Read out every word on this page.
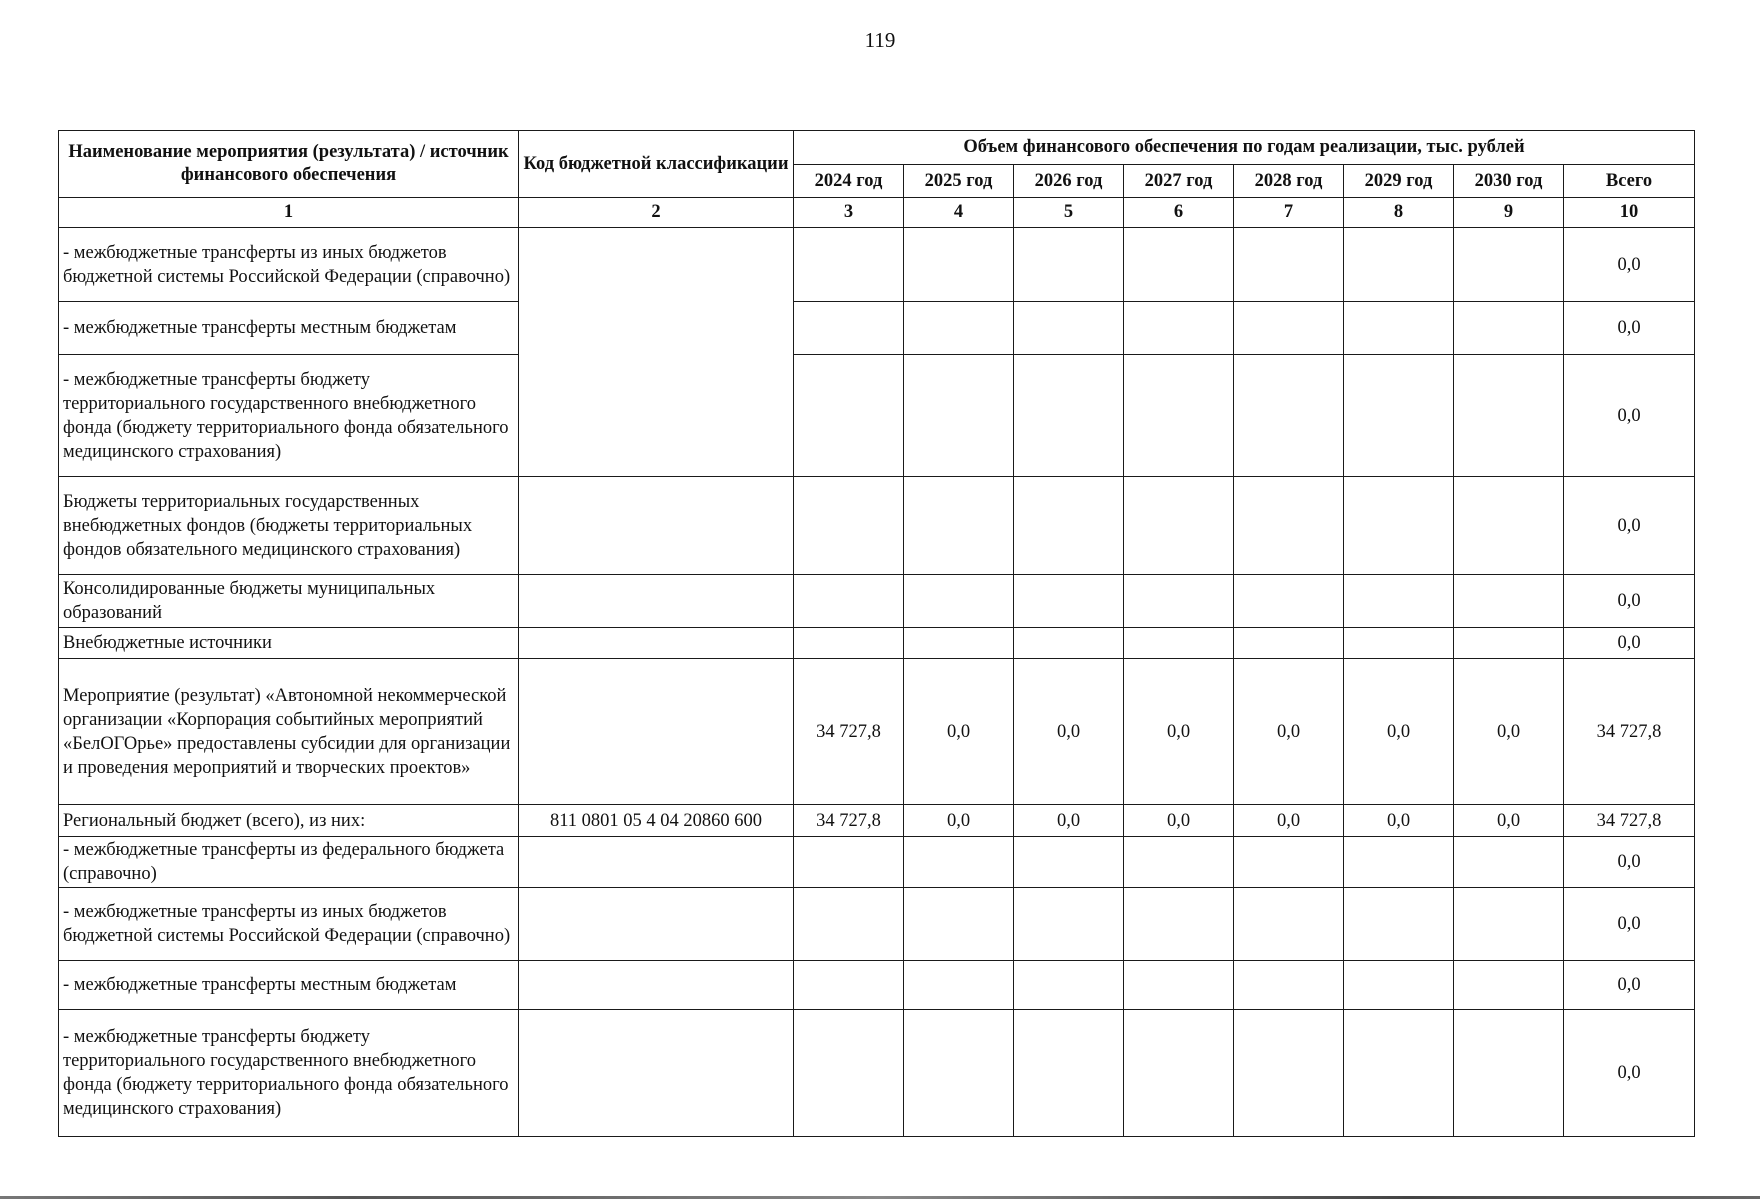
119
Наименование мероприятия (результата) / источник финансового обеспечения	Код бюджетной классификации	Объем финансового обеспечения по годам реализации, тыс. рублей							
		2024 год	2025 год	2026 год	2027 год	2028 год	2029 год	2030 год	Всего
1	2	3	4	5	6	7	8	9	10
- межбюджетные трансферты из иных бюджетов бюджетной системы Российской Федерации (справочно)									0,0
- межбюджетные трансферты местным бюджетам									0,0
- межбюджетные трансферты бюджету территориального государственного внебюджетного фонда (бюджету территориального фонда обязательного медицинского страхования)									0,0
Бюджеты территориальных государственных внебюджетных фондов (бюджеты территориальных фондов обязательного медицинского страхования)									0,0
Консолидированные бюджеты муниципальных образований									0,0
Внебюджетные источники									0,0
Мероприятие (результат) «Автономной некоммерческой организации «Корпорация событийных мероприятий «БелОГОрье» предоставлены субсидии для организации и проведения мероприятий и творческих проектов»		34 727,8	0,0	0,0	0,0	0,0	0,0	0,0	34 727,8
Региональный бюджет (всего), из них:	811 0801 05 4 04 20860 600	34 727,8	0,0	0,0	0,0	0,0	0,0	0,0	34 727,8
- межбюджетные трансферты из федерального бюджета (справочно)									0,0
- межбюджетные трансферты из иных бюджетов бюджетной системы Российской Федерации (справочно)									0,0
- межбюджетные трансферты местным бюджетам									0,0
- межбюджетные трансферты бюджету территориального государственного внебюджетного фонда (бюджету территориального фонда обязательного медицинского страхования)									0,0
